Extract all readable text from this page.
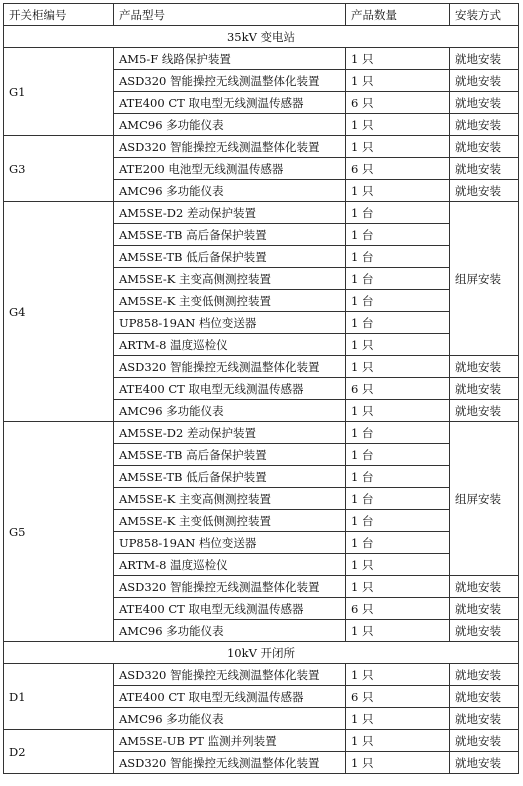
开关柜编号	产品型号	产品数量	安装方式
35kV 变电站			
G1	AM5-F 线路保护装置	1 只	就地安装
	ASD320 智能操控无线测温整体化装置	1 只	就地安装
	ATE400 CT 取电型无线测温传感器	6 只	就地安装
	AMC96 多功能仪表	1 只	就地安装
G3	ASD320 智能操控无线测温整体化装置	1 只	就地安装
	ATE200 电池型无线测温传感器	6 只	就地安装
	AMC96 多功能仪表	1 只	就地安装
G4	AM5SE-D2 差动保护装置	1 台	组屏安装
	AM5SE-TB 高后备保护装置	1 台	
	AM5SE-TB 低后备保护装置	1 台	
	AM5SE-K 主变高侧测控装置	1 台	
	AM5SE-K 主变低侧测控装置	1 台	
	UP858-19AN 档位变送器	1 台	
	ARTM-8 温度巡检仪	1 只	
	ASD320 智能操控无线测温整体化装置	1 只	就地安装
	ATE400 CT 取电型无线测温传感器	6 只	就地安装
	AMC96 多功能仪表	1 只	就地安装
G5	AM5SE-D2 差动保护装置	1 台	组屏安装
	AM5SE-TB 高后备保护装置	1 台	
	AM5SE-TB 低后备保护装置	1 台	
	AM5SE-K 主变高侧测控装置	1 台	
	AM5SE-K 主变低侧测控装置	1 台	
	UP858-19AN 档位变送器	1 台	
	ARTM-8 温度巡检仪	1 只	
	ASD320 智能操控无线测温整体化装置	1 只	就地安装
	ATE400 CT 取电型无线测温传感器	6 只	就地安装
	AMC96 多功能仪表	1 只	就地安装
10kV 开闭所			
D1	ASD320 智能操控无线测温整体化装置	1 只	就地安装
	ATE400 CT 取电型无线测温传感器	6 只	就地安装
	AMC96 多功能仪表	1 只	就地安装
D2	AM5SE-UB PT 监测并列装置	1 只	就地安装
	ASD320 智能操控无线测温整体化装置	1 只	就地安装
